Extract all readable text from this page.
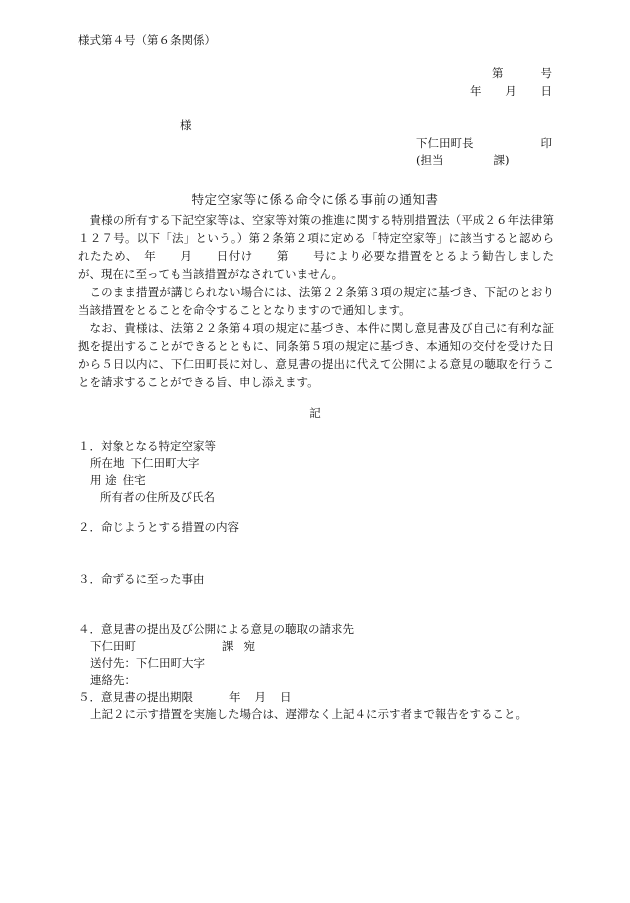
様式第４号（第６条関係）
第	号
年 月 日
様
下仁田町長	印
(担当	課)
特定空家等に係る命令に係る事前の通知書

貴様の所有する下記空家等は、空家等対策の推進に関する特別措置法（平成２６年法律第１２７号。以下「法」という。）第２条第２項に定める「特定空家等」に該当すると認められたため、　年　　月　　日付け　　第　　号により必要な措置をとるよう勧告しましたが、現在に至っても当該措置がなされていません。

このまま措置が講じられない場合には、法第２２条第３項の規定に基づき、下記のとおり当該措置をとることを命令することとなりますので通知します。

なお、貴様は、法第２２条第４項の規定に基づき、本件に関し意見書及び自己に有利な証拠を提出することができるとともに、同条第５項の規定に基づき、本通知の交付を受けた日から５日以内に、下仁田町長に対し、意見書の提出に代えて公開による意見の聴取を行うことを請求することができる旨、申し添えます。

記
１．対象となる特定空家等
所在地 下仁田町大字
用 途 住宅
所有者の住所及び氏名
２．命じようとする措置の内容
３．命ずるに至った事由
４．意見書の提出及び公開による意見の聴取の請求先
下仁田町	課 宛
送付先：下仁田町大字
連絡先：
５．意見書の提出期限	年 月 日
上記２に示す措置を実施した場合は、遅滞なく上記４に示す者まで報告をすること。
